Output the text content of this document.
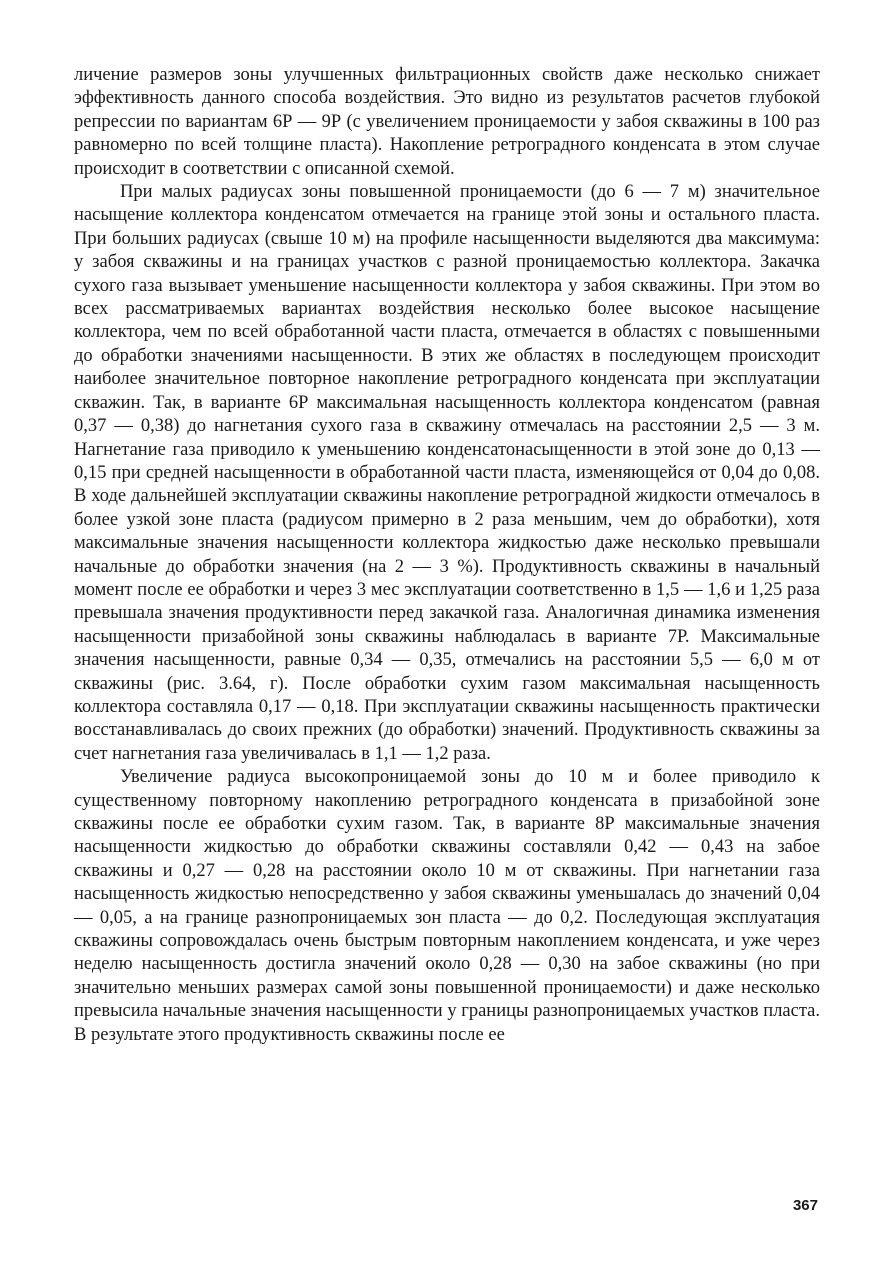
личение размеров зоны улучшенных фильтрационных свойств даже несколько снижает эффективность данного способа воздействия. Это видно из результатов расчетов глубокой репрессии по вариантам 6Р — 9Р (с увеличением проницаемости у забоя скважины в 100 раз равномерно по всей толщине пласта). Накопление ретроградного конденсата в этом случае происходит в соответствии с описанной схемой.

При малых радиусах зоны повышенной проницаемости (до 6 — 7 м) значительное насыщение коллектора конденсатом отмечается на границе этой зоны и остального пласта. При больших радиусах (свыше 10 м) на профиле насыщенности выделяются два максимума: у забоя скважины и на границах участков с разной проницаемостью коллектора. Закачка сухого газа вызывает уменьшение насыщенности коллектора у забоя скважины. При этом во всех рассматриваемых вариантах воздействия несколько более высокое насыщение коллектора, чем по всей обработанной части пласта, отмечается в областях с повышенными до обработки значениями насыщенности. В этих же областях в последующем происходит наиболее значительное повторное накопление ретроградного конденсата при эксплуатации скважин. Так, в варианте 6Р максимальная насыщенность коллектора конденсатом (равная 0,37 — 0,38) до нагнетания сухого газа в скважину отмечалась на расстоянии 2,5 — 3 м. Нагнетание газа приводило к уменьшению конденсатонасыщенности в этой зоне до 0,13 — 0,15 при средней насыщенности в обработанной части пласта, изменяющейся от 0,04 до 0,08. В ходе дальнейшей эксплуатации скважины накопление ретроградной жидкости отмечалось в более узкой зоне пласта (радиусом примерно в 2 раза меньшим, чем до обработки), хотя максимальные значения насыщенности коллектора жидкостью даже несколько превышали начальные до обработки значения (на 2 — 3 %). Продуктивность скважины в начальный момент после ее обработки и через 3 мес эксплуатации соответственно в 1,5 — 1,6 и 1,25 раза превышала значения продуктивности перед закачкой газа. Аналогичная динамика изменения насыщенности призабойной зоны скважины наблюдалась в варианте 7Р. Максимальные значения насыщенности, равные 0,34 — 0,35, отмечались на расстоянии 5,5 — 6,0 м от скважины (рис. 3.64, г). После обработки сухим газом максимальная насыщенность коллектора составляла 0,17 — 0,18. При эксплуатации скважины насыщенность практически восстанавливалась до своих прежних (до обработки) значений. Продуктивность скважины за счет нагнетания газа увеличивалась в 1,1 — 1,2 раза.

Увеличение радиуса высокопроницаемой зоны до 10 м и более приводило к существенному повторному накоплению ретроградного конденсата в призабойной зоне скважины после ее обработки сухим газом. Так, в варианте 8Р максимальные значения насыщенности жидкостью до обработки скважины составляли 0,42 — 0,43 на забое скважины и 0,27 — 0,28 на расстоянии около 10 м от скважины. При нагнетании газа насыщенность жидкостью непосредственно у забоя скважины уменьшалась до значений 0,04 — 0,05, а на границе разнопроницаемых зон пласта — до 0,2. Последующая эксплуатация скважины сопровождалась очень быстрым повторным накоплением конденсата, и уже через неделю насыщенность достигла значений около 0,28 — 0,30 на забое скважины (но при значительно меньших размерах самой зоны повышенной проницаемости) и даже несколько превысила начальные значения насыщенности у границы разнопроницаемых участков пласта. В результате этого продуктивность скважины после ее

367
